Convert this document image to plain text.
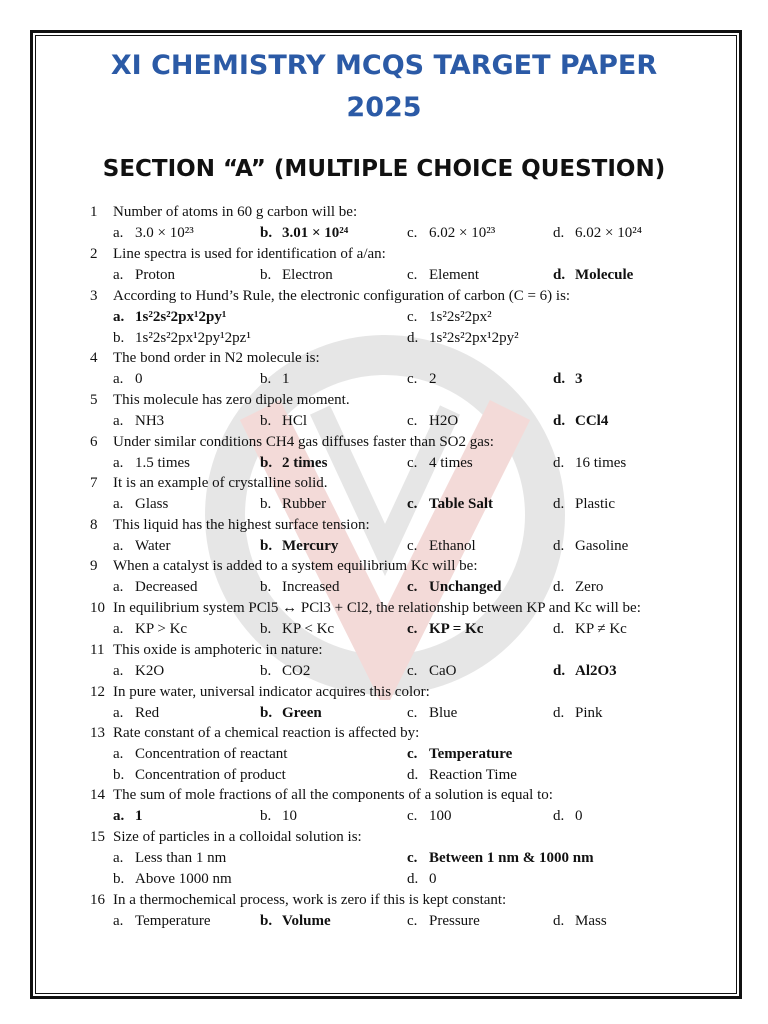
XI CHEMISTRY MCQS TARGET PAPER
2025
SECTION “A” (MULTIPLE CHOICE QUESTION)
1 Number of atoms in 60 g carbon will be:
a. 3.0 × 10²³	b. 3.01 × 10²⁴	c. 6.02 × 10²³	d. 6.02 × 10²⁴
2 Line spectra is used for identification of a/an:
a. Proton	b. Electron	c. Element	d. Molecule
3 According to Hund’s Rule, the electronic configuration of carbon (C = 6) is:
a. 1s²2s²2px¹2py¹	c. 1s²2s²2px²
b. 1s²2s²2px¹2py¹2pz¹	d. 1s²2s²2px¹2py²
4 The bond order in N2 molecule is:
a. 0	b. 1	c. 2	d. 3
5 This molecule has zero dipole moment.
a. NH3	b. HCl	c. H2O	d. CCl4
6 Under similar conditions CH4 gas diffuses faster than SO2 gas:
a. 1.5 times	b. 2 times	c. 4 times	d. 16 times
7 It is an example of crystalline solid.
a. Glass	b. Rubber	c. Table Salt	d. Plastic
8 This liquid has the highest surface tension:
a. Water	b. Mercury	c. Ethanol	d. Gasoline
9 When a catalyst is added to a system equilibrium Kc will be:
a. Decreased	b. Increased	c. Unchanged	d. Zero
10 In equilibrium system PCl5 ↔ PCl3 + Cl2, the relationship between KP and Kc will be:
a. KP > Kc	b. KP < Kc	c. KP = Kc	d. KP ≠ Kc
11 This oxide is amphoteric in nature:
a. K2O	b. CO2	c. CaO	d. Al2O3
12 In pure water, universal indicator acquires this color:
a. Red	b. Green	c. Blue	d. Pink
13 Rate constant of a chemical reaction is affected by:
a. Concentration of reactant	c. Temperature
b. Concentration of product	d. Reaction Time
14 The sum of mole fractions of all the components of a solution is equal to:
a. 1	b. 10	c. 100	d. 0
15 Size of particles in a colloidal solution is:
a. Less than 1 nm	c. Between 1 nm & 1000 nm
b. Above 1000 nm	d. 0
16 In a thermochemical process, work is zero if this is kept constant:
a. Temperature	b. Volume	c. Pressure	d. Mass
